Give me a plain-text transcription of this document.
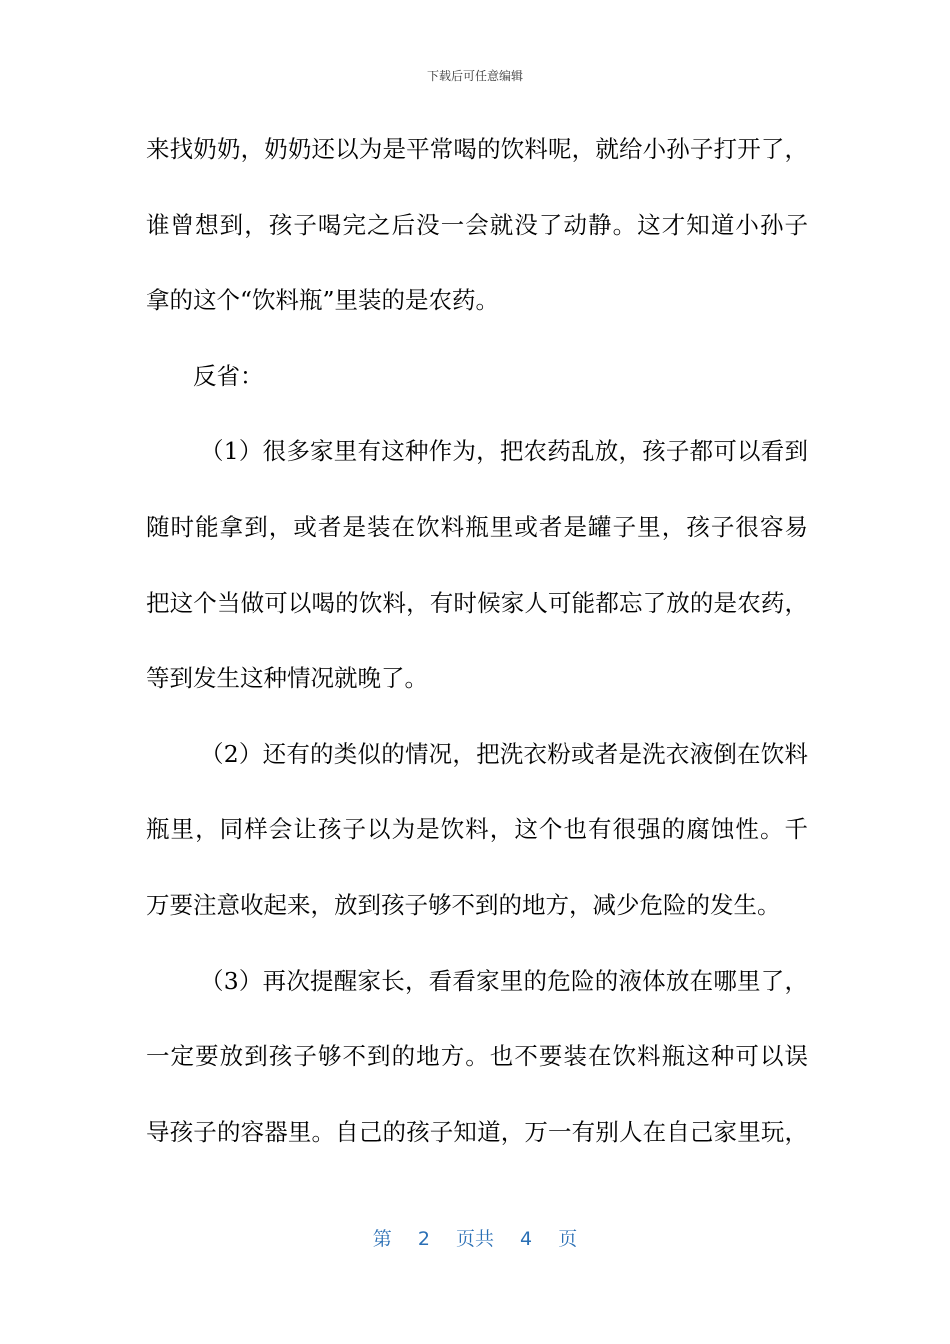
下载后可任意编辑
来找奶奶，奶奶还以为是平常喝的饮料呢，就给小孙子打开了，
谁曾想到，孩子喝完之后没一会就没了动静。这才知道小孙子
拿的这个“饮料瓶”里装的是农药。
反省：
（1）很多家里有这种作为，把农药乱放，孩子都可以看到
随时能拿到，或者是装在饮料瓶里或者是罐子里，孩子很容易
把这个当做可以喝的饮料，有时候家人可能都忘了放的是农药，
等到发生这种情况就晚了。
（2）还有的类似的情况，把洗衣粉或者是洗衣液倒在饮料
瓶里，同样会让孩子以为是饮料，这个也有很强的腐蚀性。千
万要注意收起来，放到孩子够不到的地方，减少危险的发生。
（3）再次提醒家长，看看家里的危险的液体放在哪里了，
一定要放到孩子够不到的地方。也不要装在饮料瓶这种可以误
导孩子的容器里。自己的孩子知道，万一有别人在自己家里玩，
第 2 页共 4 页
